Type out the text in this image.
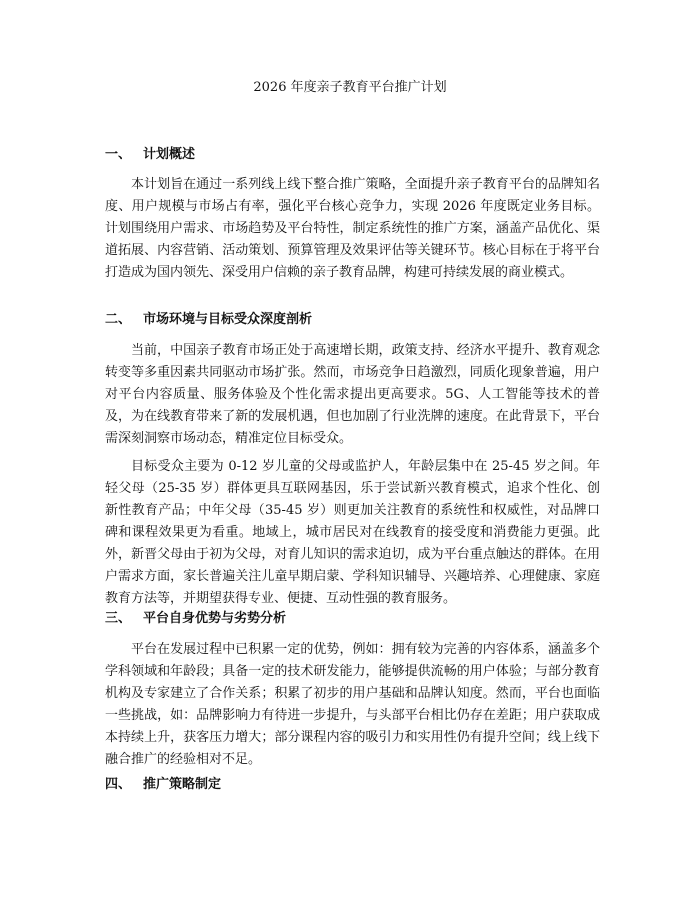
2026 年度亲子教育平台推广计划
一、 计划概述
本计划旨在通过一系列线上线下整合推广策略，全面提升亲子教育平台的品牌知名度、用户规模与市场占有率，强化平台核心竞争力，实现 2026 年度既定业务目标。计划围绕用户需求、市场趋势及平台特性，制定系统性的推广方案，涵盖产品优化、渠道拓展、内容营销、活动策划、预算管理及效果评估等关键环节。核心目标在于将平台打造成为国内领先、深受用户信赖的亲子教育品牌，构建可持续发展的商业模式。
二、 市场环境与目标受众深度剖析
当前，中国亲子教育市场正处于高速增长期，政策支持、经济水平提升、教育观念转变等多重因素共同驱动市场扩张。然而，市场竞争日趋激烈，同质化现象普遍，用户对平台内容质量、服务体验及个性化需求提出更高要求。5G、人工智能等技术的普及，为在线教育带来了新的发展机遇，但也加剧了行业洗牌的速度。在此背景下，平台需深刻洞察市场动态，精准定位目标受众。
目标受众主要为 0-12 岁儿童的父母或监护人，年龄层集中在 25-45 岁之间。年轻父母（25-35 岁）群体更具互联网基因，乐于尝试新兴教育模式，追求个性化、创新性教育产品；中年父母（35-45 岁）则更加关注教育的系统性和权威性，对品牌口碑和课程效果更为看重。地域上，城市居民对在线教育的接受度和消费能力更强。此外，新晋父母由于初为父母，对育儿知识的需求迫切，成为平台重点触达的群体。在用户需求方面，家长普遍关注儿童早期启蒙、学科知识辅导、兴趣培养、心理健康、家庭教育方法等，并期望获得专业、便捷、互动性强的教育服务。
三、 平台自身优势与劣势分析
平台在发展过程中已积累一定的优势，例如：拥有较为完善的内容体系，涵盖多个学科领域和年龄段；具备一定的技术研发能力，能够提供流畅的用户体验；与部分教育机构及专家建立了合作关系；积累了初步的用户基础和品牌认知度。然而，平台也面临一些挑战，如：品牌影响力有待进一步提升，与头部平台相比仍存在差距；用户获取成本持续上升，获客压力增大；部分课程内容的吸引力和实用性仍有提升空间；线上线下融合推广的经验相对不足。
四、 推广策略制定
